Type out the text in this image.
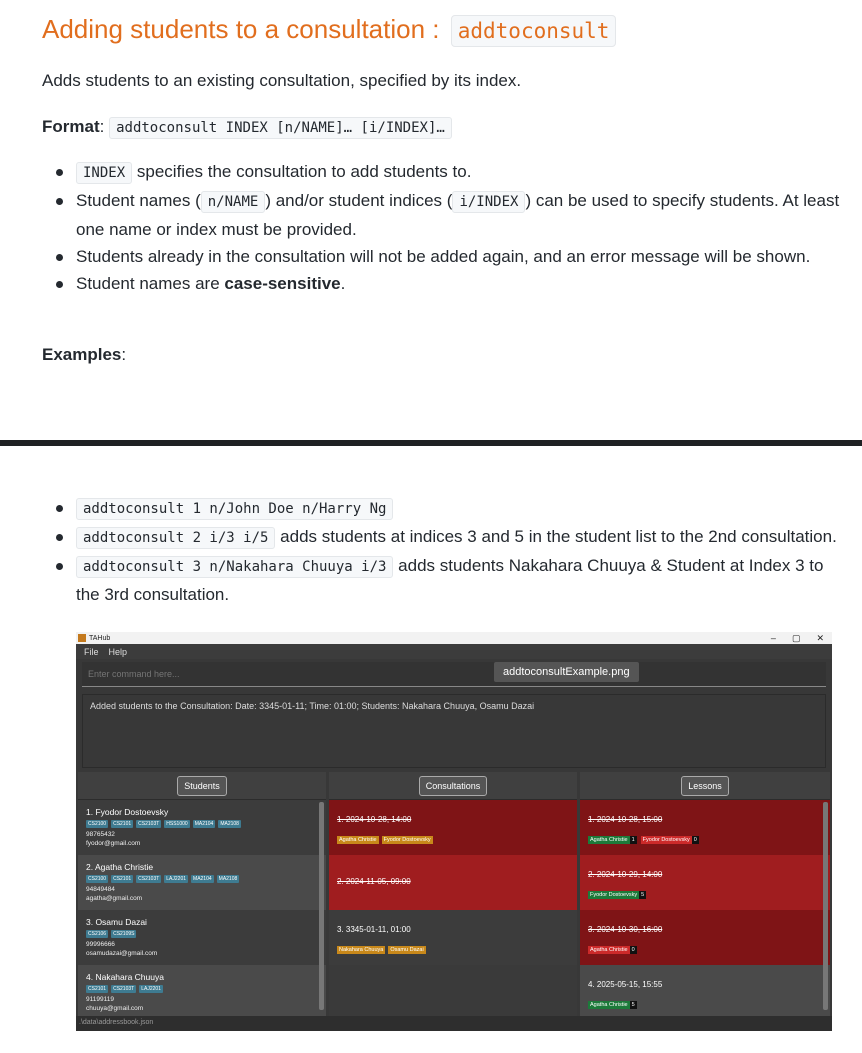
Adding students to a consultation : addtoconsult
Adds students to an existing consultation, specified by its index.
Format: addtoconsult INDEX [n/NAME]… [i/INDEX]…
INDEX specifies the consultation to add students to.
Student names ( n/NAME ) and/or student indices ( i/INDEX ) can be used to specify students. At least one name or index must be provided.
Students already in the consultation will not be added again, and an error message will be shown.
Student names are case-sensitive.
Examples:
addtoconsult 1 n/John Doe n/Harry Ng
addtoconsult 2 i/3 i/5 adds students at indices 3 and 5 in the student list to the 2nd consultation.
addtoconsult 3 n/Nakahara Chuuya i/3 adds students Nakahara Chuuya & Student at Index 3 to the 3rd consultation.
TAHub	– ▢ ✕
File Help
Enter command here...
addtoconsultExample.png
Added students to the Consultation: Date: 3345-01-11; Time: 01:00; Students: Nakahara Chuuya, Osamu Dazai
Students
1. Fyodor Dostoevsky
CS2100	CS2101	CS2103T	HSS1000	MA2104	MA2108
98765432
fyodor@gmail.com
2. Agatha Christie
CS2100	CS2101	CS2103T	LAJ2201	MA2104	MA2108
94849484
agatha@gmail.com
3. Osamu Dazai
CS2106	CS2109S
99996666
osamudazai@gmail.com
4. Nakahara Chuuya
CS2101	CS2103T	LAJ2201
91199119
chuuya@gmail.com
Consultations
1. 2024-10-28, 14:00
Agatha Christie Fyodor Dostoevsky
2. 2024-11-05, 09:00
3. 3345-01-11, 01:00
Nakahara Chuuya Osamu Dazai
Lessons
1. 2024-10-28, 15:00
Agatha Christie 1 Fyodor Dostoevsky 0
2. 2024-10-29, 14:00
Fyodor Dostoevsky 5
3. 2024-10-30, 16:00
Agatha Christie 0
4. 2025-05-15, 15:55
Agatha Christie 5
.\data\addressbook.json
